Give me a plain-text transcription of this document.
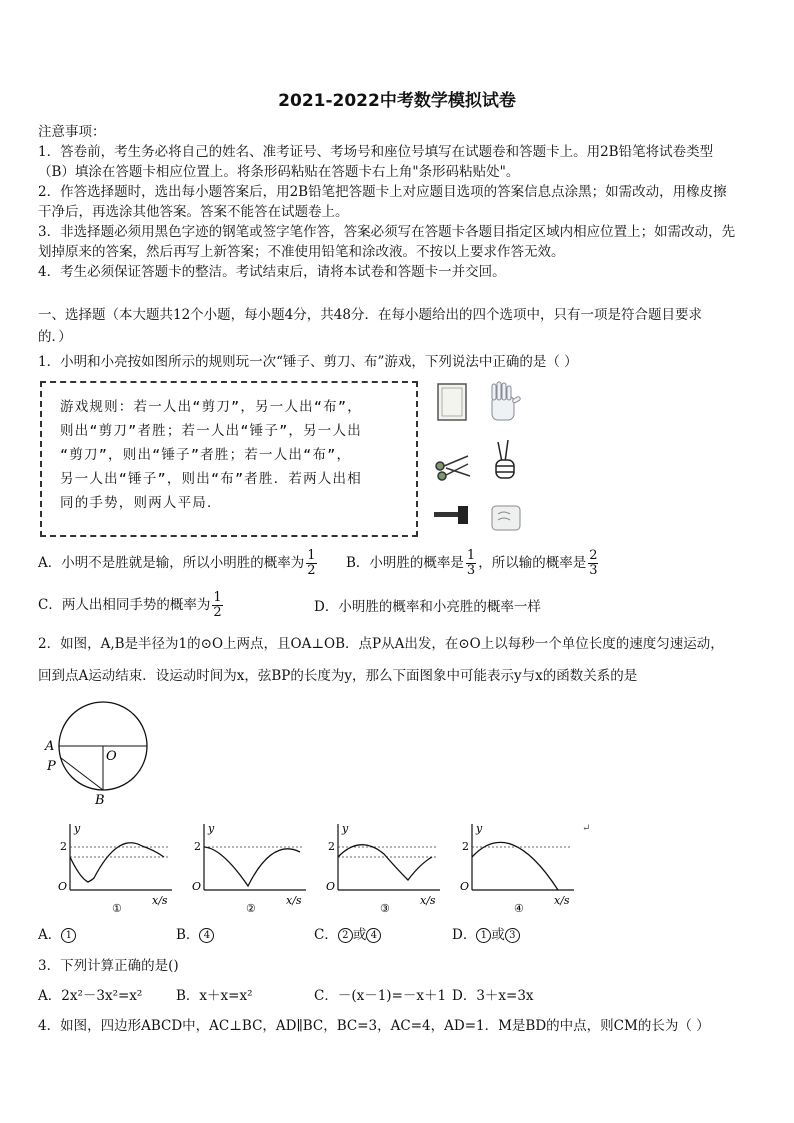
2021-2022中考数学模拟试卷
注意事项：
1．答卷前，考生务必将自己的姓名、准考证号、考场号和座位号填写在试题卷和答题卡上。用2B铅笔将试卷类型
（B）填涂在答题卡相应位置上。将条形码粘贴在答题卡右上角"条形码粘贴处"。
2．作答选择题时，选出每小题答案后，用2B铅笔把答题卡上对应题目选项的答案信息点涂黑；如需改动，用橡皮擦
干净后，再选涂其他答案。答案不能答在试题卷上。
3．非选择题必须用黑色字迹的钢笔或签字笔作答，答案必须写在答题卡各题目指定区域内相应位置上；如需改动，先
划掉原来的答案，然后再写上新答案；不准使用铅笔和涂改液。不按以上要求作答无效。
4．考生必须保证答题卡的整洁。考试结束后，请将本试卷和答题卡一并交回。
一、选择题（本大题共12个小题，每小题4分，共48分．在每小题给出的四个选项中，只有一项是符合题目要求
的．）
1．小明和小亮按如图所示的规则玩一次“锤子、剪刀、布”游戏，下列说法中正确的是（ ）
游戏规则：若一人出“剪刀”，另一人出“布”，
则出“剪刀”者胜；若一人出“锤子”，另一人出
“剪刀”，则出“锤子”者胜；若一人出“布”，
另一人出“锤子”，则出“布”者胜．若两人出相
同的手势，则两人平局．
A．小明不是胜就是输，所以小明胜的概率为 $\frac{1}{2}$ B．小明胜的概率是 $\frac{1}{3}$ ，所以输的概率是 $\frac{2}{3}$
C．两人出相同手势的概率为 $\frac{1}{2}$	D．小明胜的概率和小亮胜的概率一样
2．如图，A,B是半径为1的⊙O上两点，且OA⊥OB．点P从A出发，在⊙O上以每秒一个单位长度的速度匀速运动，
回到点A运动结束．设运动时间为x，弦BP的长度为y，那么下面图象中可能表示y与x的函数关系的是
A
O
P
B
↵
y
2
O
x/s
①
y
2
O
x/s
②
y
2
O
x/s
③
y
2
O
x/s
④
A． 1	B． 4	C． 2 或 4	D． 1 或 3
3．下列计算正确的是()
A．2x²－3x²=x² B．x＋x=x²	C．－(x－1)=－x＋1 D．3＋x=3x
4．如图，四边形ABCD中，AC⊥BC，AD∥BC，BC=3，AC=4，AD=1．M是BD的中点，则CM的长为（ ）
